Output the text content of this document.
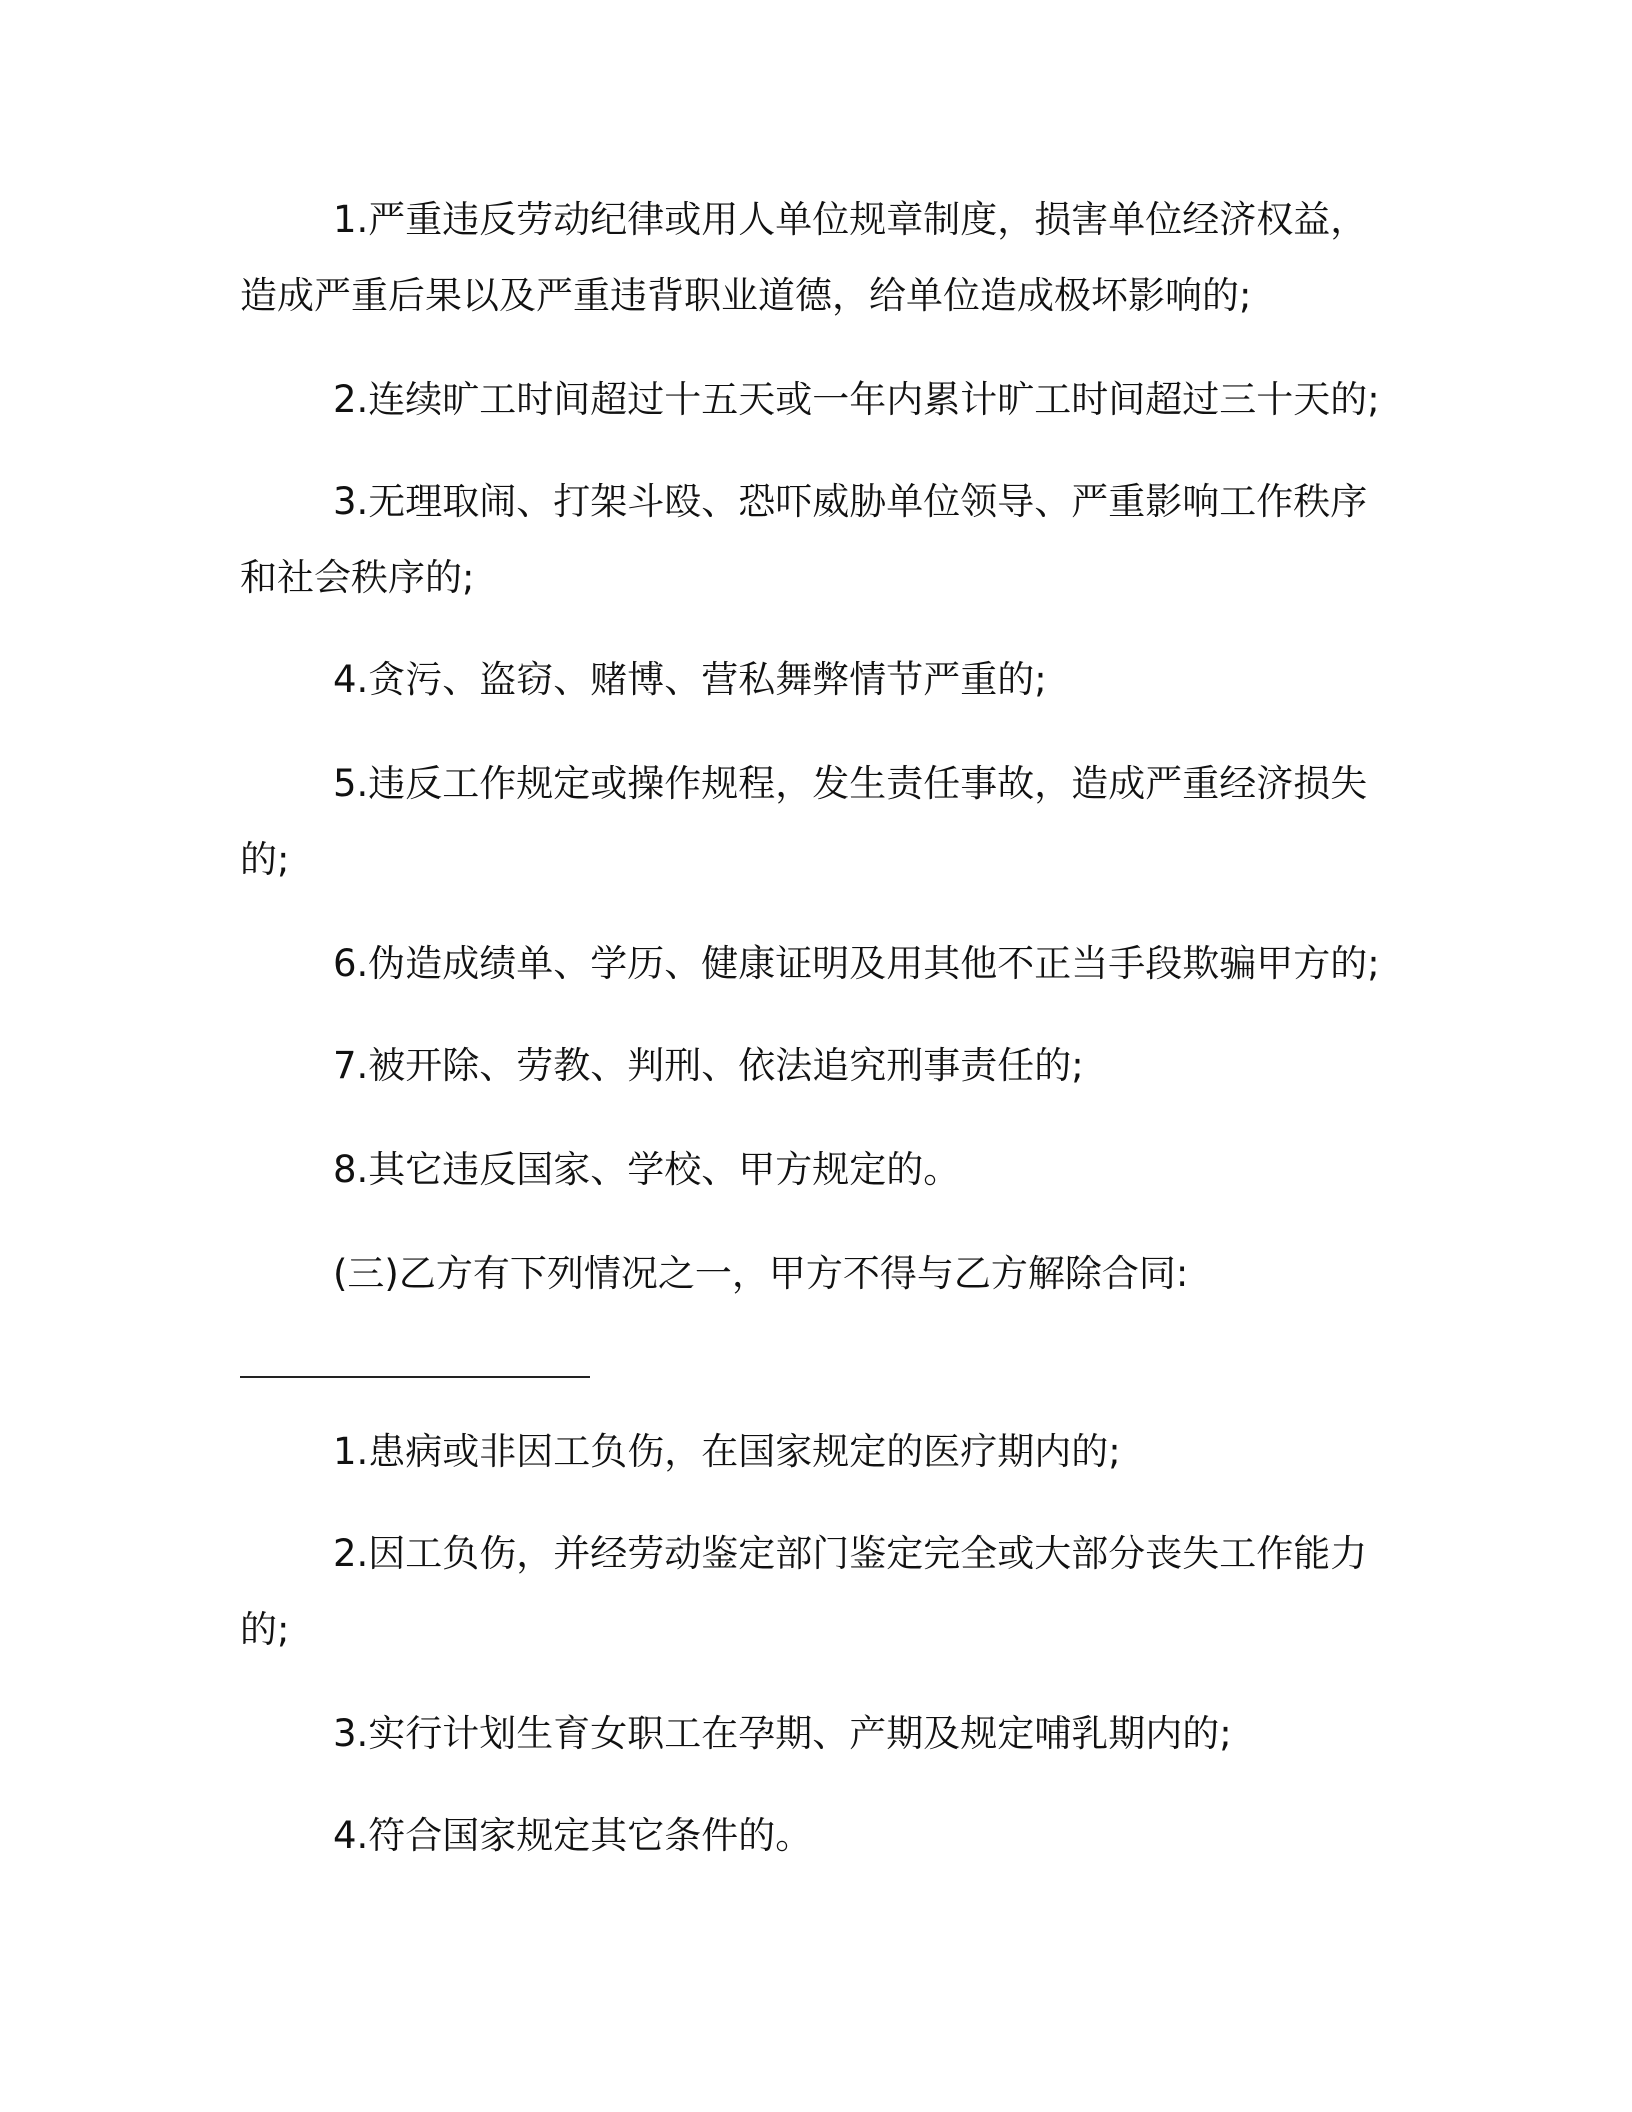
1.严重违反劳动纪律或用人单位规章制度，损害单位经济权益，
造成严重后果以及严重违背职业道德，给单位造成极坏影响的;
2.连续旷工时间超过十五天或一年内累计旷工时间超过三十天的;
3.无理取闹、打架斗殴、恐吓威胁单位领导、严重影响工作秩序
和社会秩序的;
4.贪污、盗窃、赌博、营私舞弊情节严重的;
5.违反工作规定或操作规程，发生责任事故，造成严重经济损失
的;
6.伪造成绩单、学历、健康证明及用其他不正当手段欺骗甲方的;
7.被开除、劳教、判刑、依法追究刑事责任的;
8.其它违反国家、学校、甲方规定的。
(三)乙方有下列情况之一，甲方不得与乙方解除合同:
1.患病或非因工负伤，在国家规定的医疗期内的;
2.因工负伤，并经劳动鉴定部门鉴定完全或大部分丧失工作能力
的;
3.实行计划生育女职工在孕期、产期及规定哺乳期内的;
4.符合国家规定其它条件的。
